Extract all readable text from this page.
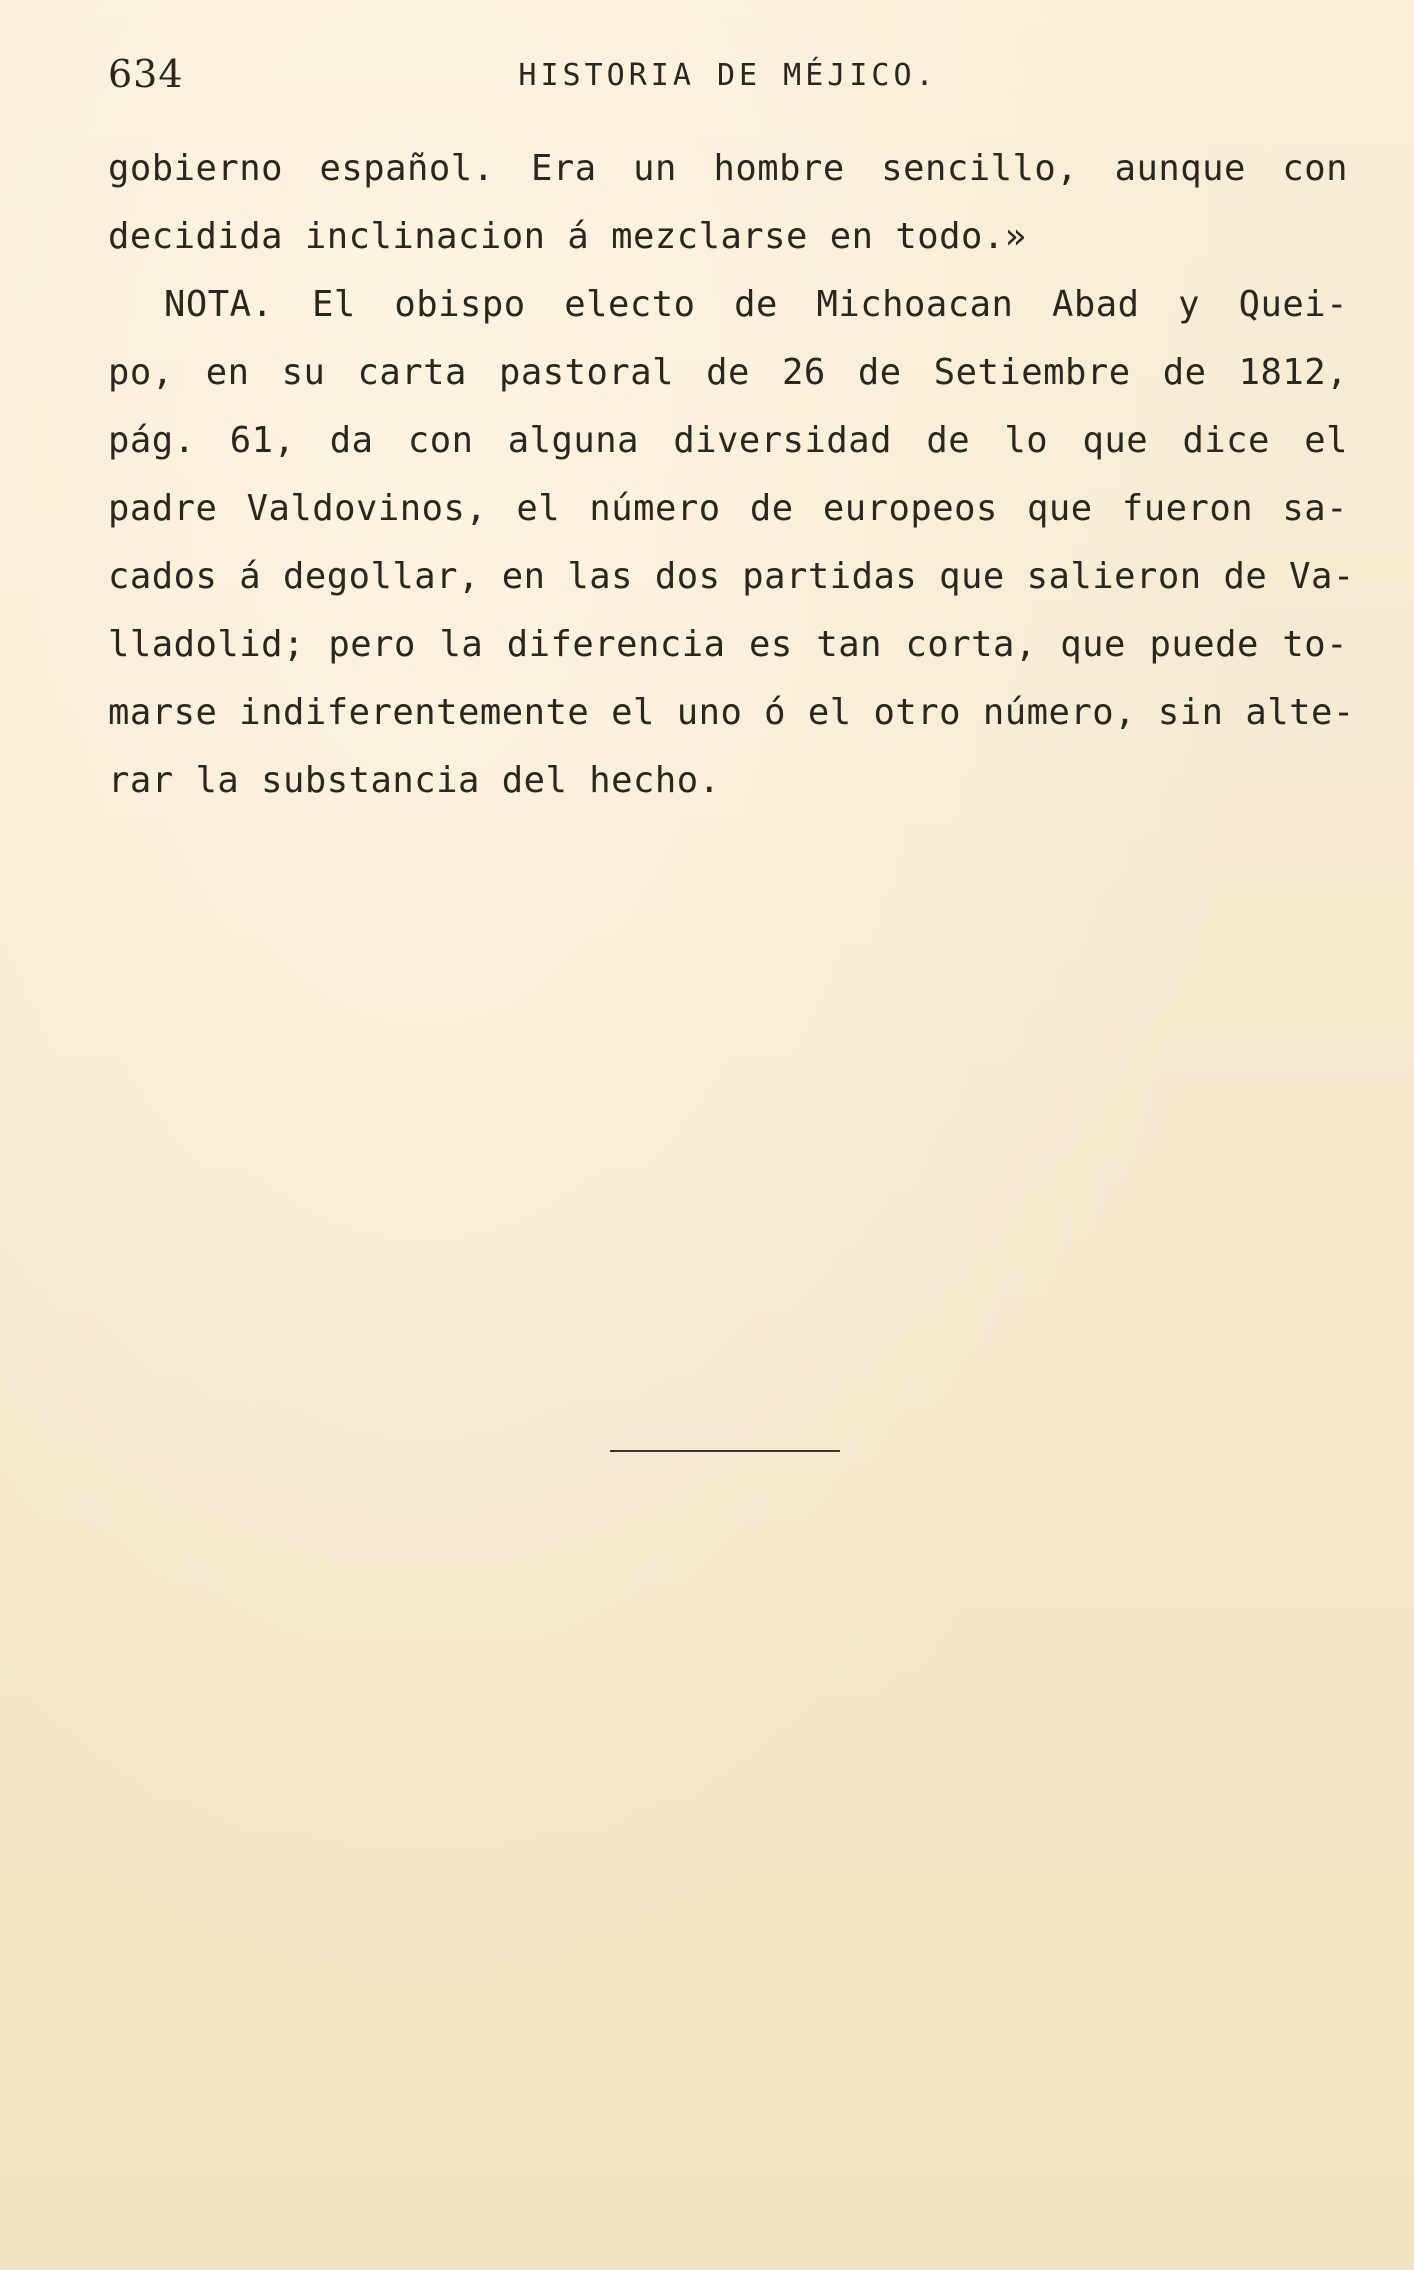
634	HISTORIA DE MÉJICO.
gobierno español. Era un hombre sencillo, aunque con
decidida inclinacion á mezclarse en todo.»
NOTA. El obispo electo de Michoacan Abad y Quei-
po, en su carta pastoral de 26 de Setiembre de 1812,
pág. 61, da con alguna diversidad de lo que dice el
padre Valdovinos, el número de europeos que fueron sa-
cados á degollar, en las dos partidas que salieron de Va-
lladolid; pero la diferencia es tan corta, que puede to-
marse indiferentemente el uno ó el otro número, sin alte-
rar la substancia del hecho.
